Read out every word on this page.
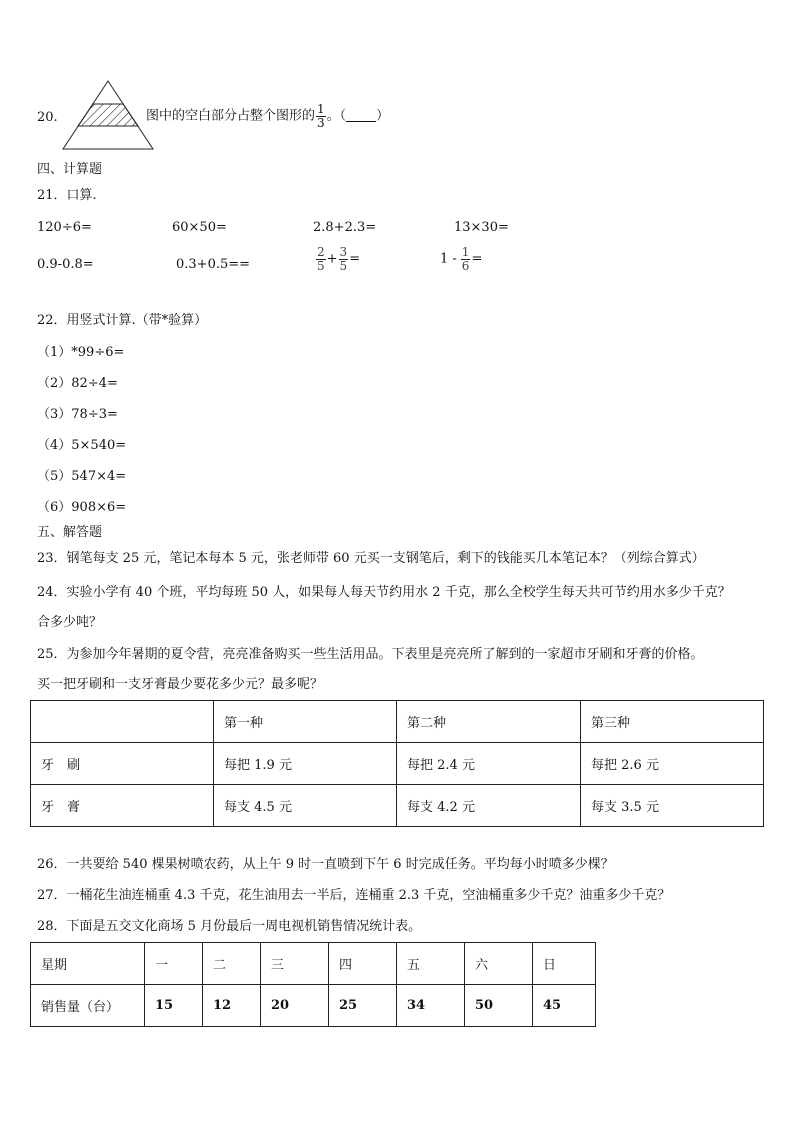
20.	图中的空白部分占整个图形的 $\frac{1}{3}$ 。（ ）
四、计算题
21．口算.
120÷6=	60×50=	2.8+2.3=	13×30=
0.9-0.8=	0.3+0.5==	$\frac{2}{5} + \frac{3}{5}$ =	$1 - \frac{1}{6}$ =
22．用竖式计算.（带*验算）
（1）*99÷6=
（2）82÷4=
（3）78÷3=
（4）5×540=
（5）547×4=
（6）908×6=
五、解答题
23．钢笔每支 25 元，笔记本每本 5 元，张老师带 60 元买一支钢笔后，剩下的钱能买几本笔记本？（列综合算式）
24．实验小学有 40 个班，平均每班 50 人，如果每人每天节约用水 2 千克，那么全校学生每天共可节约用水多少千克？
合多少吨？
25．为参加今年暑期的夏令营，亮亮准备购买一些生活用品。下表里是亮亮所了解到的一家超市牙刷和牙膏的价格。
买一把牙刷和一支牙膏最少要花多少元？最多呢？
	第一种	第二种	第三种
牙　刷	每把 1.9 元	每把 2.4 元	每把 2.6 元
牙　膏	每支 4.5 元	每支 4.2 元	每支 3.5 元
26．一共要给 540 棵果树喷农药，从上午 9 时一直喷到下午 6 时完成任务。平均每小时喷多少棵？
27．一桶花生油连桶重 4.3 千克，花生油用去一半后，连桶重 2.3 千克，空油桶重多少千克？油重多少千克？
28．下面是五交文化商场 5 月份最后一周电视机销售情况统计表。
星期	一	二	三	四	五	六	日
销售量（台）	15	12	20	25	34	50	45
